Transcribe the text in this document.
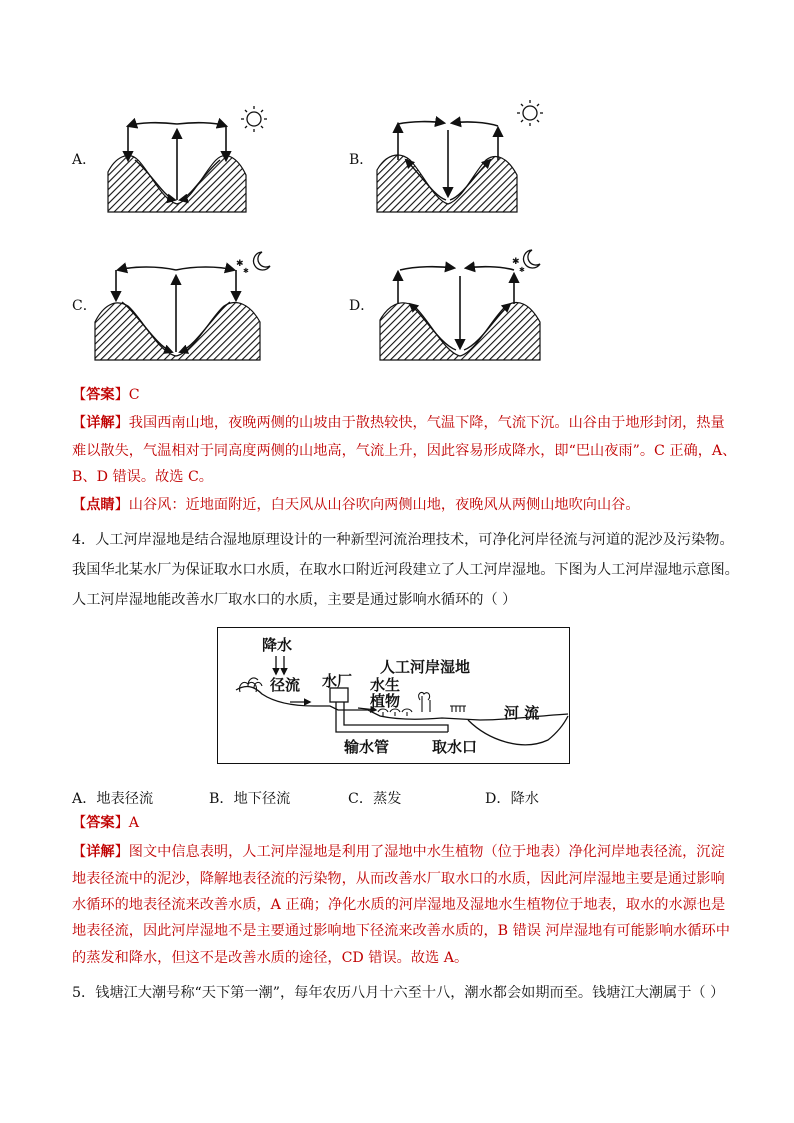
A．	B．
C．	D．
✱
✱
✱
✱
【答案】C
【详解】我国西南山地，夜晚两侧的山坡由于散热较快，气温下降，气流下沉。山谷由于地形封闭，热量
难以散失，气温相对于同高度两侧的山地高，气流上升，因此容易形成降水，即“巴山夜雨”。C 正确，A、
B、D 错误。故选 C。
【点睛】山谷风：近地面附近，白天风从山谷吹向两侧山地，夜晚风从两侧山地吹向山谷。
4．人工河岸湿地是结合湿地原理设计的一种新型河流治理技术，可净化河岸径流与河道的泥沙及污染物。
我国华北某水厂为保证取水口水质，在取水口附近河段建立了人工河岸湿地。下图为人工河岸湿地示意图。
人工河岸湿地能改善水厂取水口的水质，主要是通过影响水循环的（ ）
降水
径流 水厂
人工河岸湿地
水生
植物
河 流
输水管	取水口
A．地表径流	B．地下径流	C．蒸发	D．降水
【答案】A
【详解】图文中信息表明，人工河岸湿地是利用了湿地中水生植物（位于地表）净化河岸地表径流，沉淀
地表径流中的泥沙，降解地表径流的污染物，从而改善水厂取水口的水质，因此河岸湿地主要是通过影响
水循环的地表径流来改善水质，A 正确；净化水质的河岸湿地及湿地水生植物位于地表，取水的水源也是
地表径流，因此河岸湿地不是主要通过影响地下径流来改善水质的，B 错误 河岸湿地有可能影响水循环中
的蒸发和降水，但这不是改善水质的途径，CD 错误。故选 A。
5．钱塘江大潮号称“天下第一潮”，每年农历八月十六至十八，潮水都会如期而至。钱塘江大潮属于（ ）
